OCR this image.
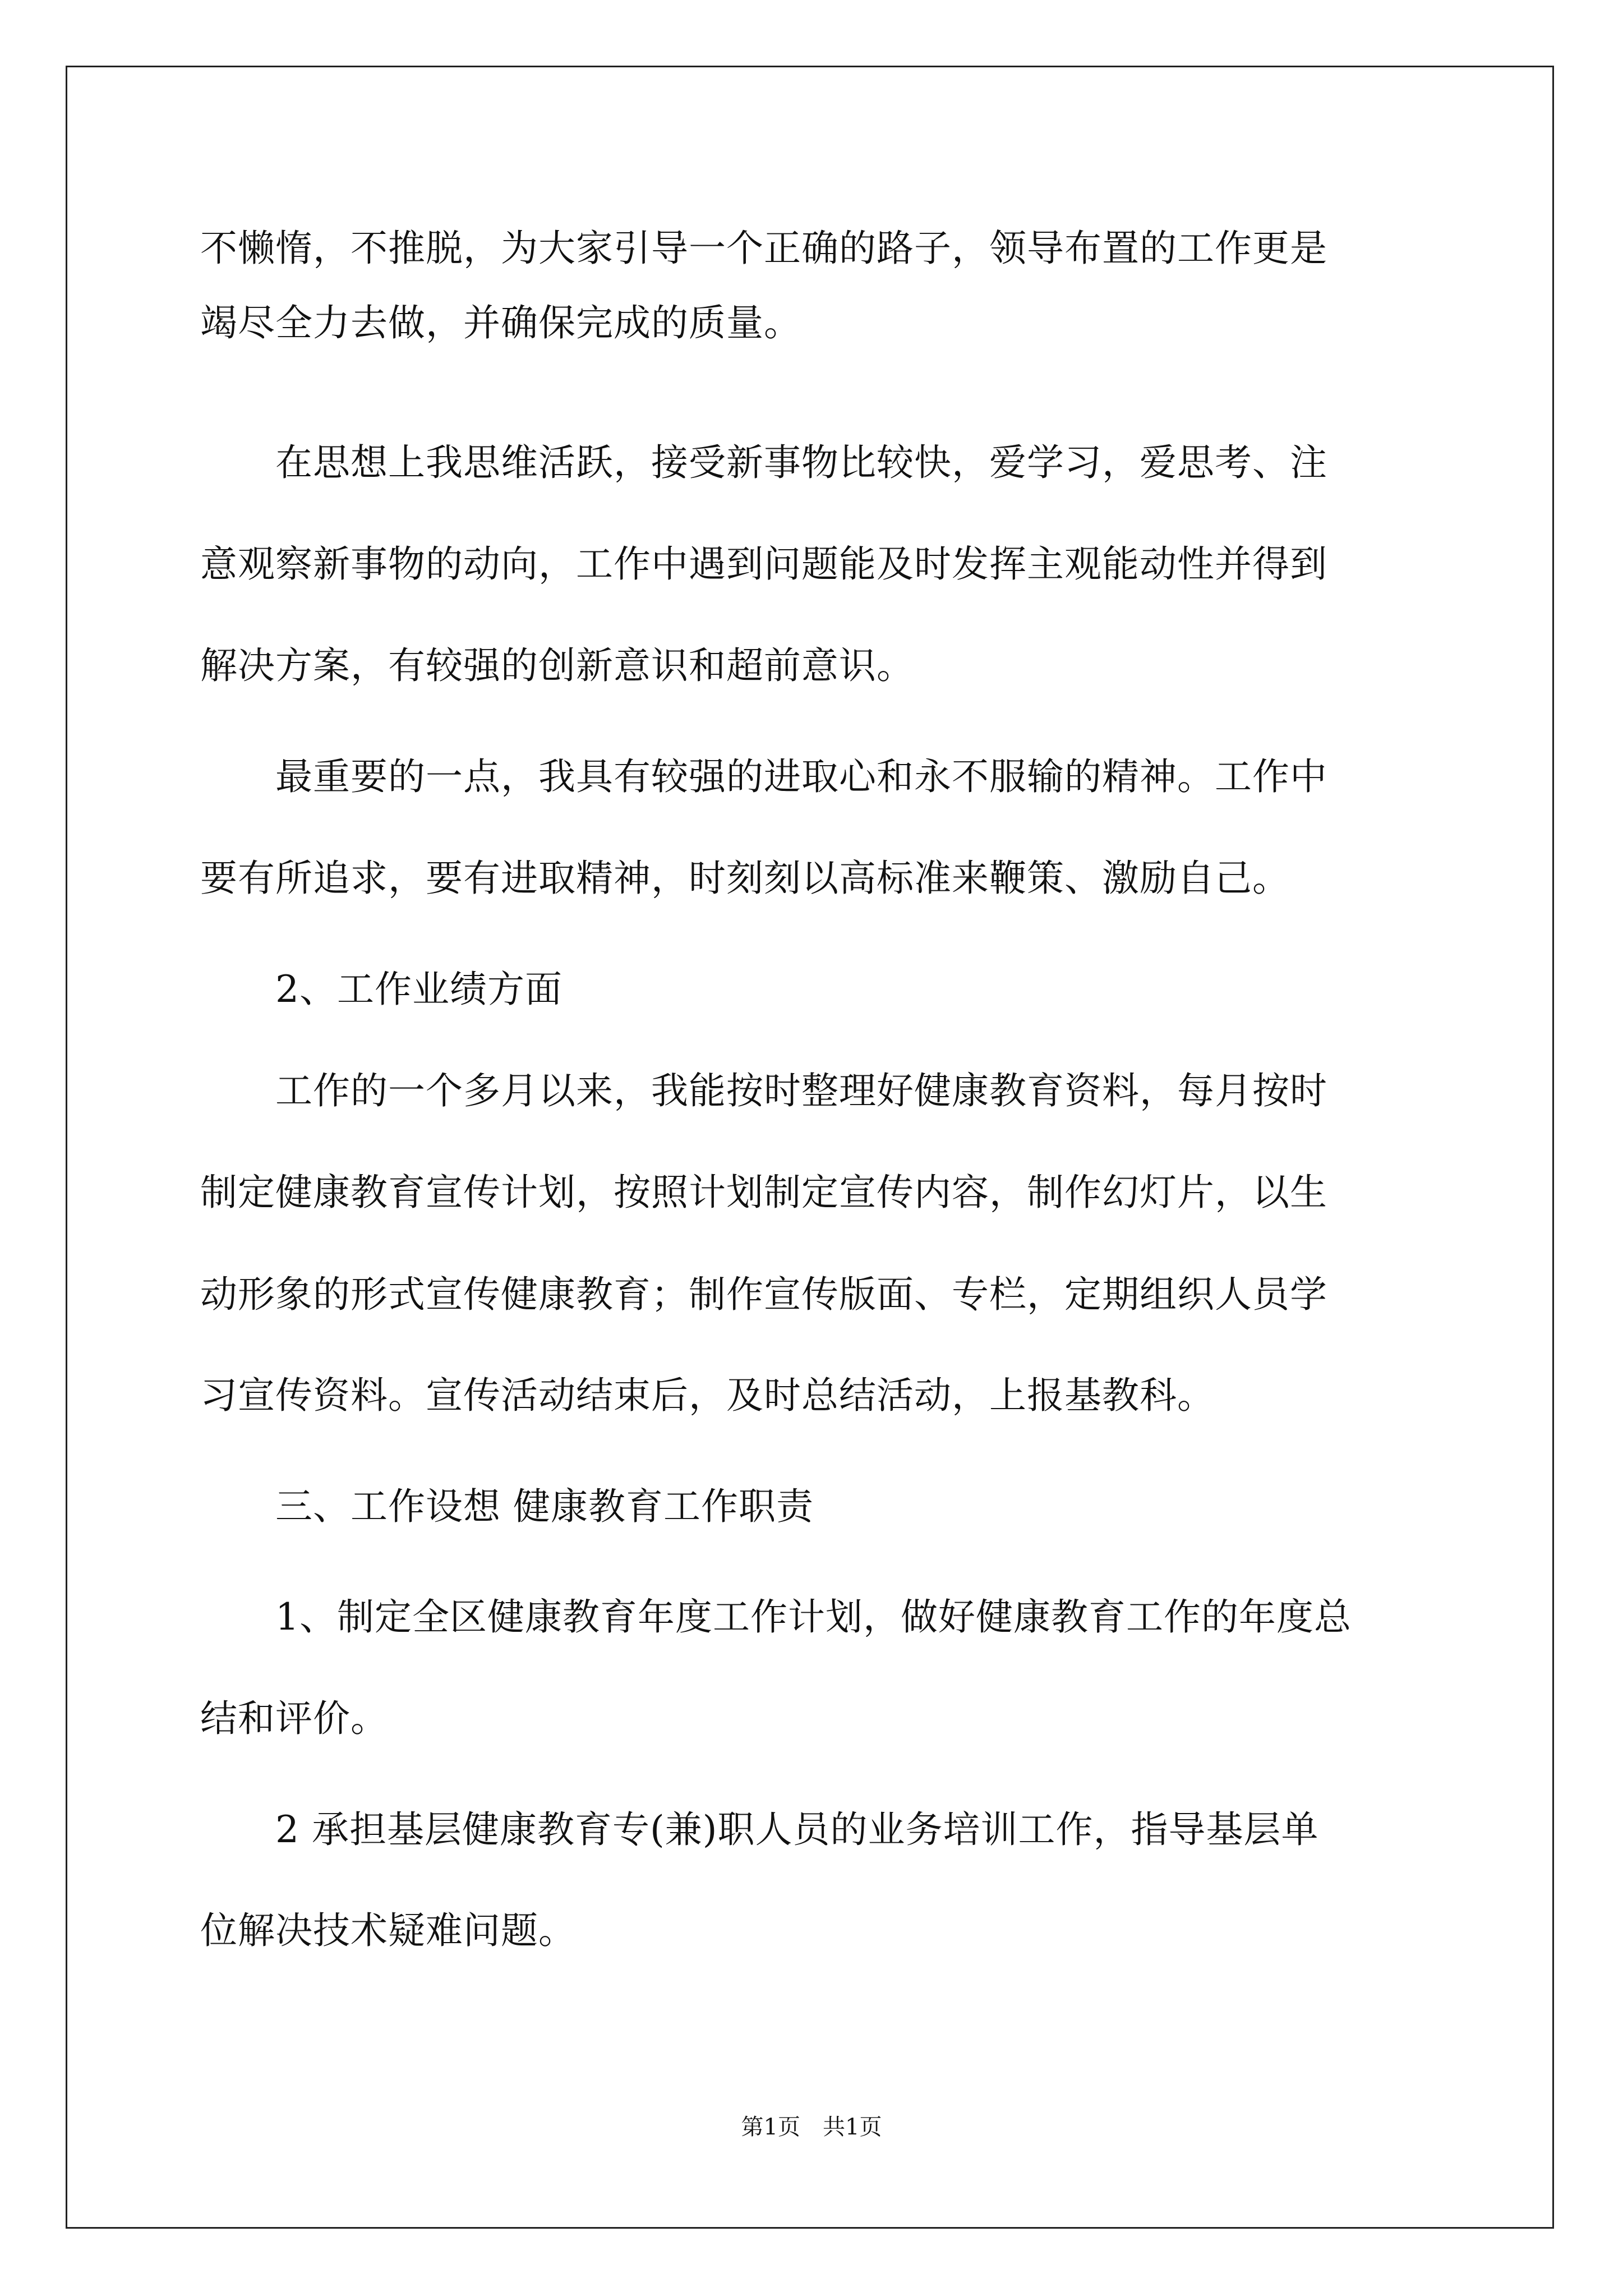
不懒惰，不推脱，为大家引导一个正确的路子，领导布置的工作更是
竭尽全力去做，并确保完成的质量。
　　在思想上我思维活跃，接受新事物比较快，爱学习，爱思考、注
意观察新事物的动向，工作中遇到问题能及时发挥主观能动性并得到
解决方案，有较强的创新意识和超前意识。
　　最重要的一点，我具有较强的进取心和永不服输的精神。工作中
要有所追求，要有进取精神，时刻刻以高标准来鞭策、激励自己。
　　2、工作业绩方面
　　工作的一个多月以来，我能按时整理好健康教育资料，每月按时
制定健康教育宣传计划，按照计划制定宣传内容，制作幻灯片，以生
动形象的形式宣传健康教育；制作宣传版面、专栏，定期组织人员学
习宣传资料。宣传活动结束后，及时总结活动，上报基教科。
　　三、工作设想 健康教育工作职责
　　1、制定全区健康教育年度工作计划，做好健康教育工作的年度总
结和评价。
　　2 承担基层健康教育专(兼)职人员的业务培训工作，指导基层单
位解决技术疑难问题。
第1页　共1页
